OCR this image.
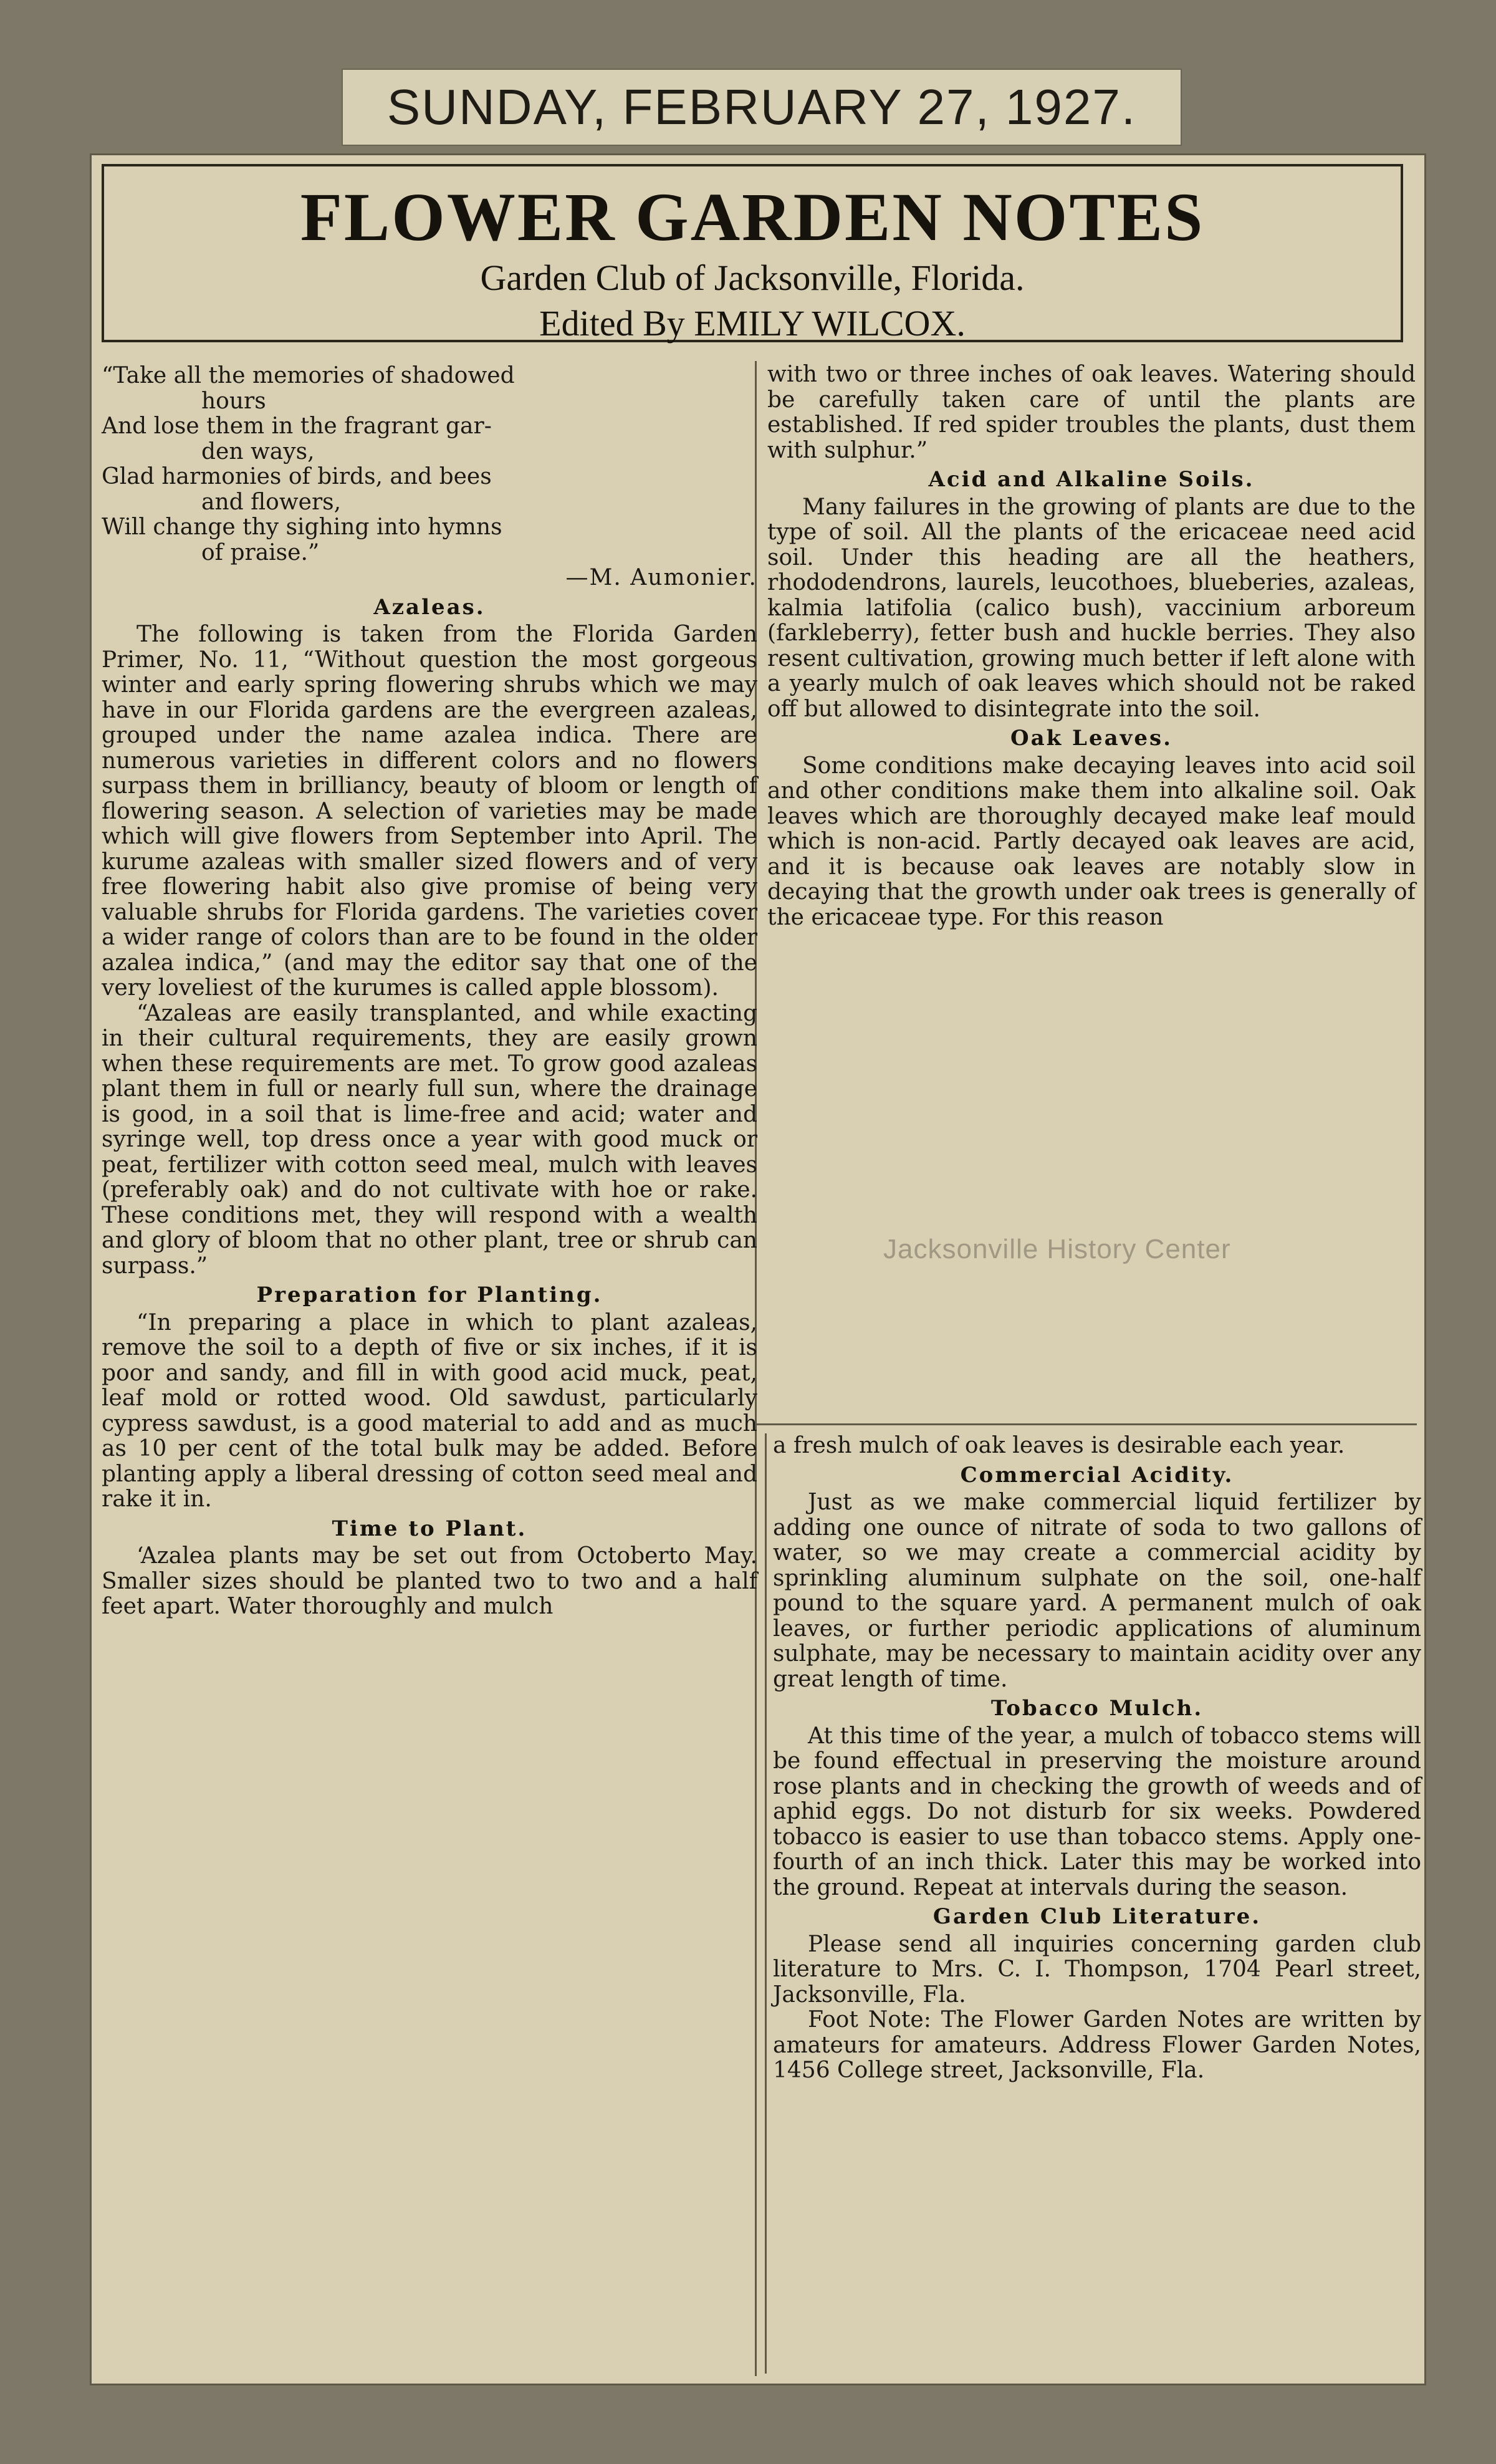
SUNDAY, FEBRUARY 27, 1927.
FLOWER GARDEN NOTES
Garden Club of Jacksonville, Florida.
Edited By EMILY WILCOX.
“Take all the memories of shadowed
hours
And lose them in the fragrant gar-
den ways,
Glad harmonies of birds, and bees
and flowers,
Will change thy sighing into hymns
of praise.”

—M. Aumonier.

Azaleas.

The following is taken from the Florida Garden Primer, No. 11, “Without question the most gorgeous winter and early spring flowering shrubs which we may have in our Florida gardens are the evergreen azaleas, grouped under the name azalea indica. There are numerous varieties in different colors and no flowers surpass them in brilliancy, beauty of bloom or length of flowering season. A selection of varieties may be made which will give flowers from September into April. The kurume azaleas with smaller sized flowers and of very free flowering habit also give promise of being very valuable shrubs for Florida gardens. The varieties cover a wider range of colors than are to be found in the older azalea indica,” (and may the editor say that one of the very loveliest of the kurumes is called apple blossom).

“Azaleas are easily transplanted, and while exacting in their cultural requirements, they are easily grown when these requirements are met. To grow good azaleas plant them in full or nearly full sun, where the drainage is good, in a soil that is lime-free and acid; water and syringe well, top dress once a year with good muck or peat, fertilizer with cotton seed meal, mulch with leaves (preferably oak) and do not cultivate with hoe or rake. These conditions met, they will respond with a wealth and glory of bloom that no other plant, tree or shrub can surpass.”

Preparation for Planting.

“In preparing a place in which to plant azaleas, remove the soil to a depth of five or six inches, if it is poor and sandy, and fill in with good acid muck, peat, leaf mold or rotted wood. Old sawdust, particularly cypress sawdust, is a good material to add and as much as 10 per cent of the total bulk may be added. Before planting apply a liberal dressing of cotton seed meal and rake it in.

Time to Plant.

‘Azalea plants may be set out from Octoberto May. Smaller sizes should be planted two to two and a half feet apart. Water thoroughly and mulch

with two or three inches of oak leaves. Watering should be carefully taken care of until the plants are established. If red spider troubles the plants, dust them with sulphur.”

Acid and Alkaline Soils.

Many failures in the growing of plants are due to the type of soil. All the plants of the ericaceae need acid soil. Under this heading are all the heathers, rhododendrons, laurels, leucothoes, blueberies, azaleas, kalmia latifolia (calico bush), vaccinium arboreum (farkleberry), fetter bush and huckle berries. They also resent cultivation, growing much better if left alone with a yearly mulch of oak leaves which should not be raked off but allowed to disintegrate into the soil.

Oak Leaves.

Some conditions make decaying leaves into acid soil and other conditions make them into alkaline soil. Oak leaves which are thoroughly decayed make leaf mould which is non-acid. Partly decayed oak leaves are acid, and it is because oak leaves are notably slow in decaying that the growth under oak trees is generally of the ericaceae type. For this reason

a fresh mulch of oak leaves is desirable each year.

Commercial Acidity.

Just as we make commercial liquid fertilizer by adding one ounce of nitrate of soda to two gallons of water, so we may create a commercial acidity by sprinkling aluminum sulphate on the soil, one-half pound to the square yard. A permanent mulch of oak leaves, or further periodic applications of aluminum sulphate, may be necessary to maintain acidity over any great length of time.

Tobacco Mulch.

At this time of the year, a mulch of tobacco stems will be found effectual in preserving the moisture around rose plants and in checking the growth of weeds and of aphid eggs. Do not disturb for six weeks. Powdered tobacco is easier to use than tobacco stems. Apply one-fourth of an inch thick. Later this may be worked into the ground. Repeat at intervals during the season.

Garden Club Literature.

Please send all inquiries concerning garden club literature to Mrs. C. I. Thompson, 1704 Pearl street, Jacksonville, Fla.

Foot Note: The Flower Garden Notes are written by amateurs for amateurs. Address Flower Garden Notes, 1456 College street, Jacksonville, Fla.

Jacksonville History Center
